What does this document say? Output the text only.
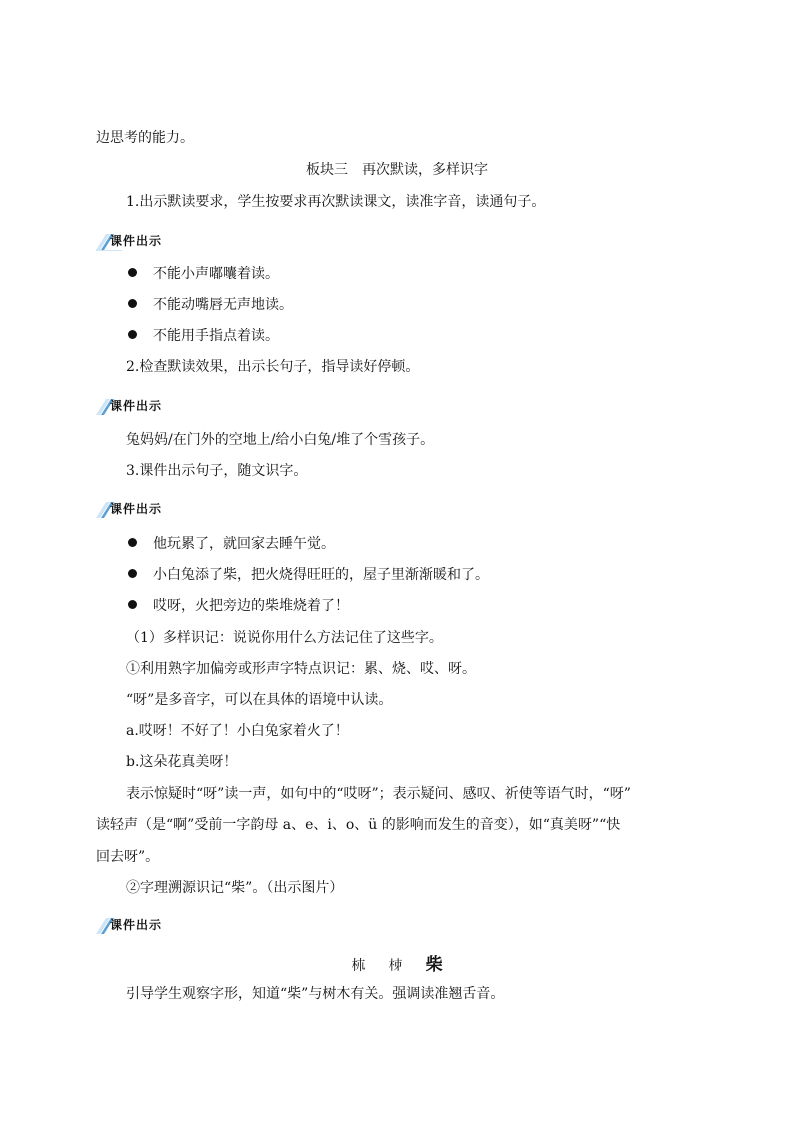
边思考的能力。
板块三　再次默读，多样识字
1.出示默读要求，学生按要求再次默读课文，读准字音，读通句子。
课件出示
不能小声嘟囔着读。
不能动嘴唇无声地读。
不能用手指点着读。
2.检查默读效果，出示长句子，指导读好停顿。
课件出示
兔妈妈/在门外的空地上/给小白兔/堆了个雪孩子。
3.课件出示句子，随文识字。
课件出示
他玩累了，就回家去睡午觉。
小白兔添了柴，把火烧得旺旺的，屋子里渐渐暖和了。
哎呀，火把旁边的柴堆烧着了！
（1）多样识记：说说你用什么方法记住了这些字。
①利用熟字加偏旁或形声字特点识记：累、烧、哎、呀。
“呀”是多音字，可以在具体的语境中认读。
a.哎呀！不好了！小白兔家着火了！
b.这朵花真美呀！
表示惊疑时“呀”读一声，如句中的“哎呀”；表示疑问、感叹、祈使等语气时，“呀”
读轻声（是“啊”受前一字韵母 a、e、i、o、ü 的影响而发生的音变），如“真美呀”“快
回去呀”。
②字理溯源识记“柴”。（出示图片）
课件出示
𣏕 𣐈 柴
引导学生观察字形，知道“柴”与树木有关。强调读准翘舌音。
